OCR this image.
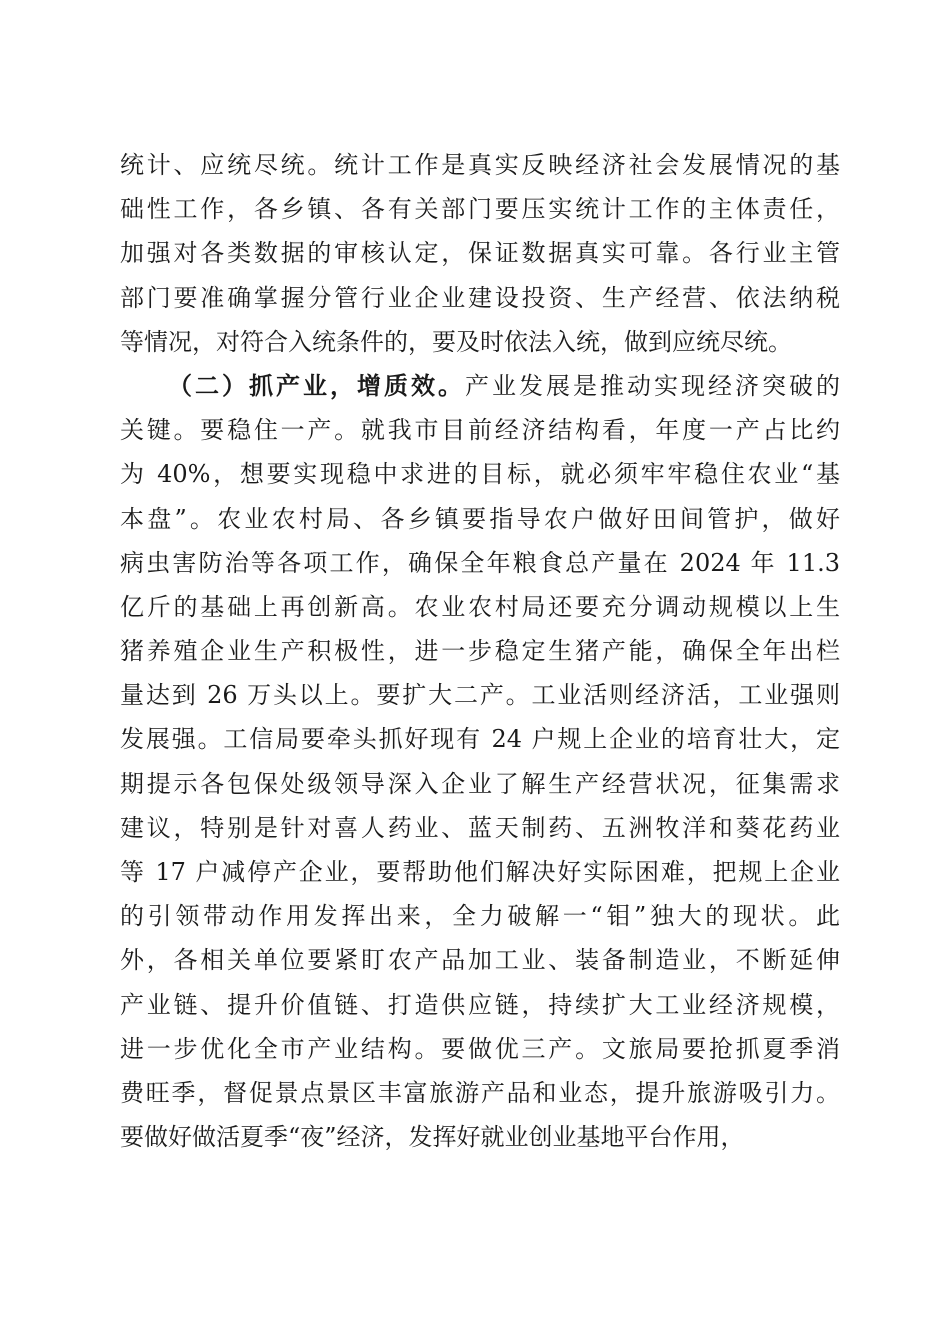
统计、应统尽统。统计工作是真实反映经济社会发展情况的基
础性工作，各乡镇、各有关部门要压实统计工作的主体责任，
加强对各类数据的审核认定，保证数据真实可靠。各行业主管
部门要准确掌握分管行业企业建设投资、生产经营、依法纳税
等情况，对符合入统条件的，要及时依法入统，做到应统尽统。
（二）抓产业，增质效。产业发展是推动实现经济突破的
关键。要稳住一产。就我市目前经济结构看，年度一产占比约
为 40%，想要实现稳中求进的目标，就必须牢牢稳住农业“基
本盘”。农业农村局、各乡镇要指导农户做好田间管护，做好
病虫害防治等各项工作，确保全年粮食总产量在 2024 年 11.3
亿斤的基础上再创新高。农业农村局还要充分调动规模以上生
猪养殖企业生产积极性，进一步稳定生猪产能，确保全年出栏
量达到 26 万头以上。要扩大二产。工业活则经济活，工业强则
发展强。工信局要牵头抓好现有 24 户规上企业的培育壮大，定
期提示各包保处级领导深入企业了解生产经营状况，征集需求
建议，特别是针对喜人药业、蓝天制药、五洲牧洋和葵花药业
等 17 户减停产企业，要帮助他们解决好实际困难，把规上企业
的引领带动作用发挥出来，全力破解一“钼”独大的现状。此
外，各相关单位要紧盯农产品加工业、装备制造业，不断延伸
产业链、提升价值链、打造供应链，持续扩大工业经济规模，
进一步优化全市产业结构。要做优三产。文旅局要抢抓夏季消
费旺季，督促景点景区丰富旅游产品和业态，提升旅游吸引力。
要做好做活夏季“夜”经济，发挥好就业创业基地平台作用，
